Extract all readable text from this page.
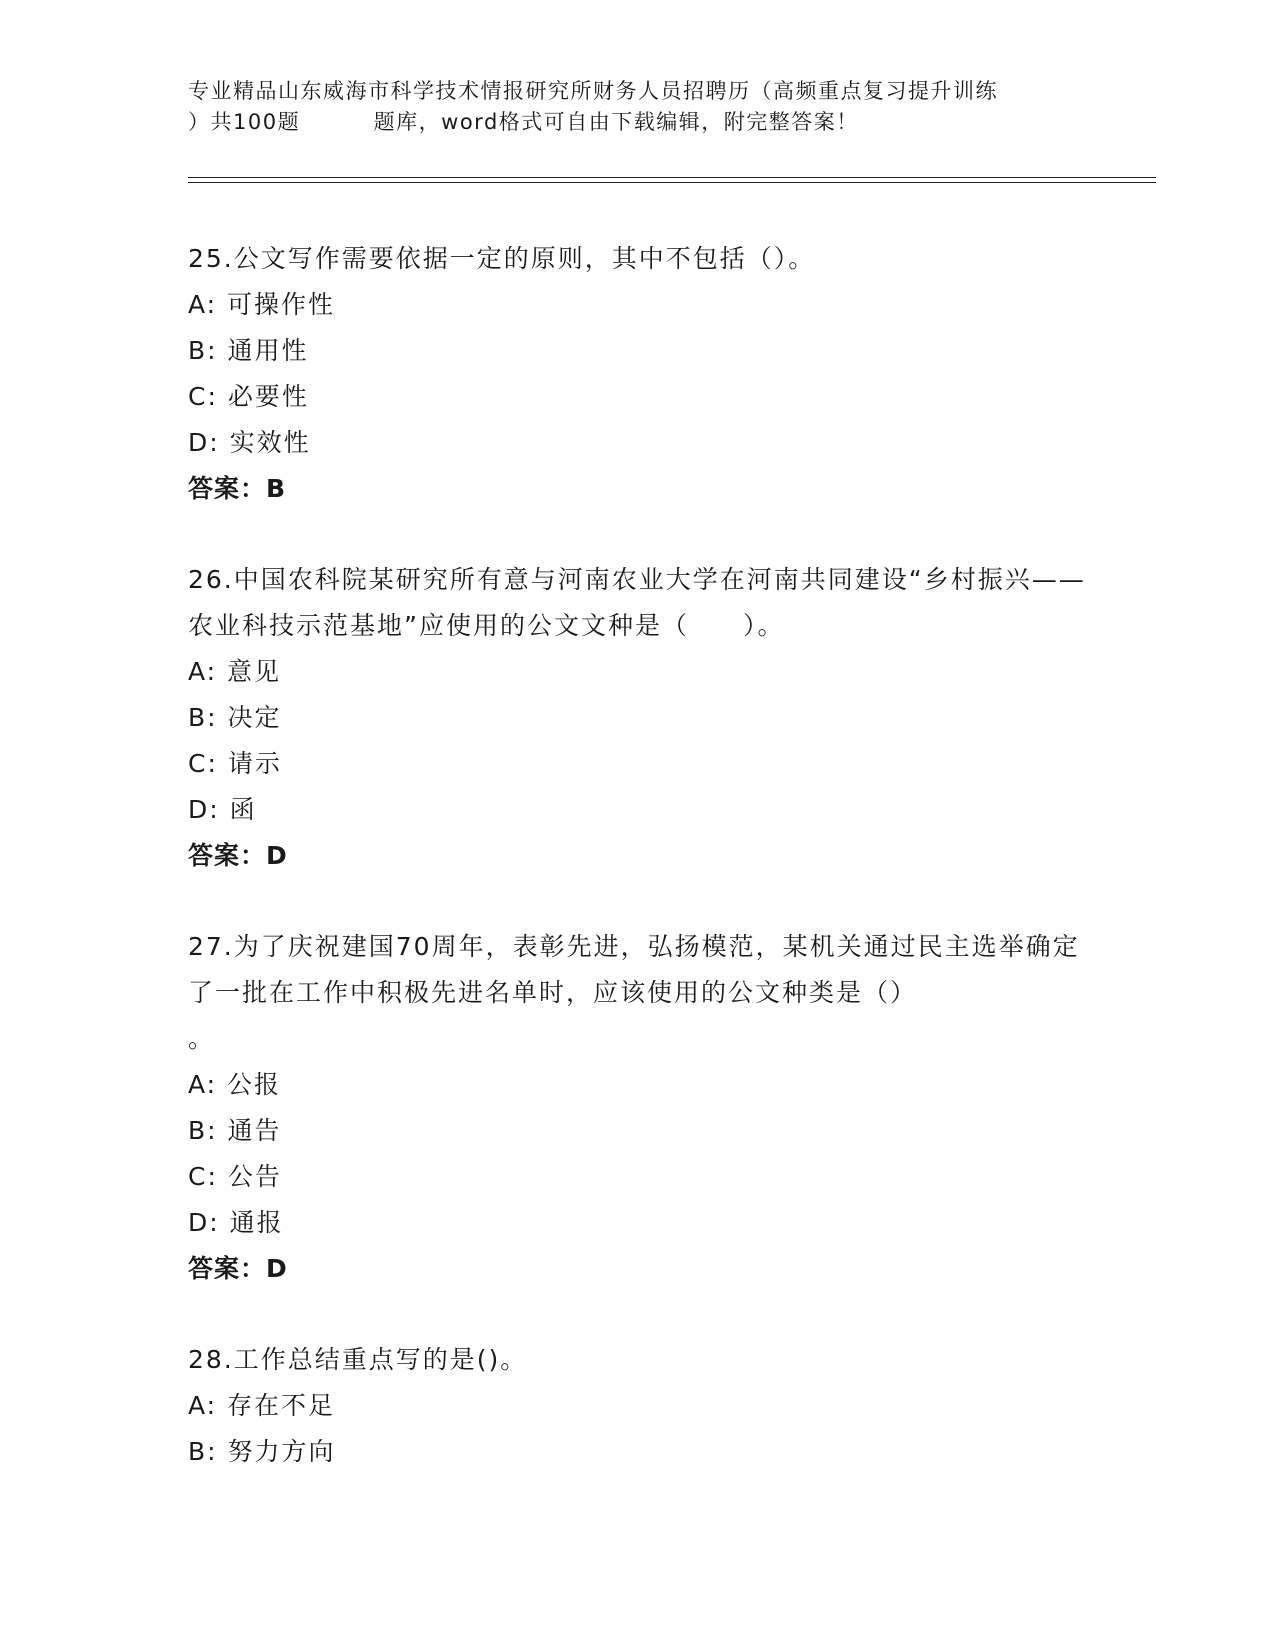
专业精品山东威海市科学技术情报研究所财务人员招聘历（高频重点复习提升训练
）共100题         题库，word格式可自由下载编辑，附完整答案！
25.公文写作需要依据一定的原则，其中不包括（）。
A: 可操作性
B: 通用性
C: 必要性
D: 实效性
答案：B
26.中国农科院某研究所有意与河南农业大学在河南共同建设“乡村振兴——农业科技示范基地”应使用的公文文种是（　　）。
A: 意见
B: 决定
C: 请示
D: 函
答案：D
27.为了庆祝建国70周年，表彰先进，弘扬模范，某机关通过民主选举确定了一批在工作中积极先进名单时，应该使用的公文种类是（）
。
A: 公报
B: 通告
C: 公告
D: 通报
答案：D
28.工作总结重点写的是()。
A: 存在不足
B: 努力方向
